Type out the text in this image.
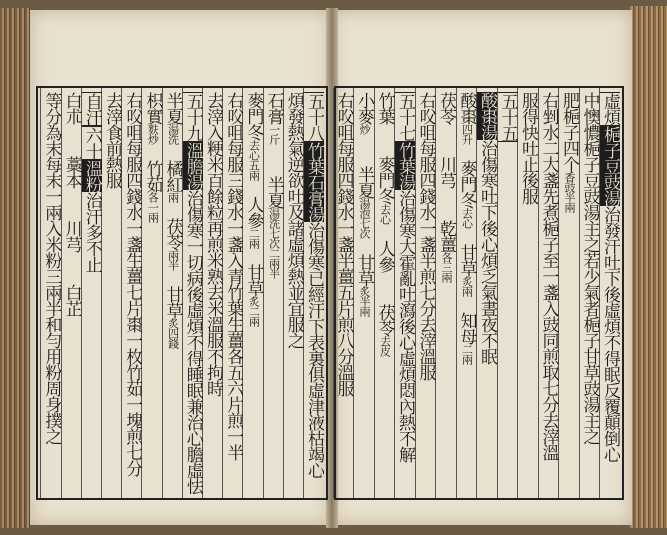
虛煩梔子豆豉湯治發汗吐下後虛煩不得眠反覆顛倒心
中懊憹梔子豆豉湯主之若少氣者梔子甘草豉湯主之
肥梔子四个香豉半兩
右剉水二大盞先煮梔子至一盞入豉同煎取七分去滓溫
服得快吐止後服
五十五
酸棗湯治傷寒吐下後心煩乏氣晝夜不眠
酸棗四升　麥門冬去心　甘草炙兩　知母二兩
茯苓　　川芎　　乾薑各三兩
右㕮咀每服四錢水一盞半煎七分去滓溫服
五十七竹葉湯治傷寒大霍亂吐瀉後心虛煩悶內熱不解
竹葉　　麥門冬去心　人參　　茯苓去皮
小麥炒　　半夏湯泡七次　甘草炙半兩
右㕮咀每服四錢水一盞半薑五片煎八分溫服
五十八竹葉石膏湯治傷寒已經汗下表裏俱虛津液枯竭心
煩發熱氣逆欲吐及諸虛煩熱並宜服之
石膏一斤　　半夏湯洗七次二兩半
麥門冬去心五兩　人參二兩　甘草炙二兩
右㕮咀每服三錢水一盞入青竹葉生薑各五六片煎一半
去滓入粳米百餘粒再煎米熟去米溫服不拘時
五十九溫膽湯治傷寒一切病後虛煩不得睡眠兼治心膽虛怯
半夏湯洗　橘紅兩　茯苓兩半　甘草炙四錢
枳實麩炒　竹茹各一兩
右㕮咀每服四錢水一盞生薑七片棗一枚竹茹一塊煎七分
去滓食前熱服
自汗六十溫粉治汗多不止
白朮　　藁本　　川芎　　白芷
等分為末每末一兩入米粉三兩半和勻用粉周身撲之
